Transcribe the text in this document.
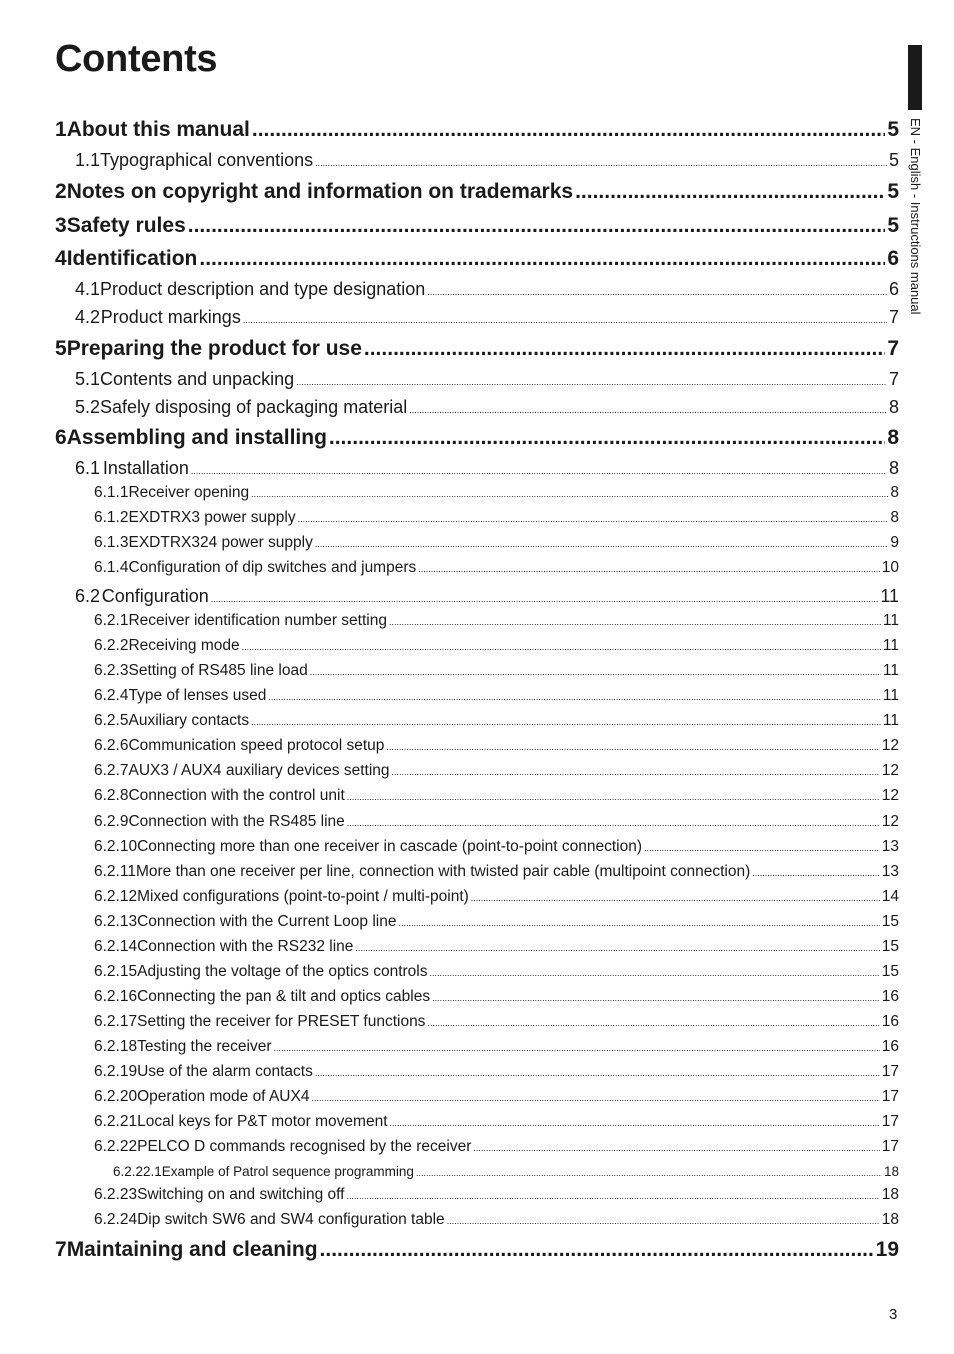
Contents
EN - English - Instructions manual
1 About this manual .....	5
1.1 Typographical conventions .....	5
2 Notes on copyright and information on trademarks .....	5
3 Safety rules .....	5
4 Identification .....	6
4.1 Product description and type designation .....	6
4.2 Product markings .....	7
5 Preparing the product for use .....	7
5.1 Contents and unpacking .....	7
5.2 Safely disposing of packaging material .....	8
6 Assembling and installing .....	8
6.1 Installation .....	8
6.1.1 Receiver opening .....	8
6.1.2 EXDTRX3 power supply .....	8
6.1.3 EXDTRX324 power supply .....	9
6.1.4 Configuration of dip switches and jumpers .....	10
6.2 Configuration .....	11
6.2.1 Receiver identification number setting .....	11
6.2.2 Receiving mode .....	11
6.2.3 Setting of RS485 line load .....	11
6.2.4 Type of lenses used .....	11
6.2.5 Auxiliary contacts .....	11
6.2.6 Communication speed protocol setup .....	12
6.2.7 AUX3 / AUX4 auxiliary devices setting .....	12
6.2.8 Connection with the control unit .....	12
6.2.9 Connection with the RS485 line .....	12
6.2.10 Connecting more than one receiver in cascade (point-to-point connection) .....	13
6.2.11 More than one receiver per line, connection with twisted pair cable (multipoint connection) .....	13
6.2.12 Mixed configurations (point-to-point / multi-point) .....	14
6.2.13 Connection with the Current Loop line .....	15
6.2.14 Connection with the RS232 line .....	15
6.2.15 Adjusting the voltage of the optics controls .....	15
6.2.16 Connecting the pan & tilt and optics cables .....	16
6.2.17 Setting the receiver for PRESET functions .....	16
6.2.18 Testing the receiver .....	16
6.2.19 Use of the alarm contacts .....	17
6.2.20 Operation mode of AUX4 .....	17
6.2.21 Local keys for P&T motor movement .....	17
6.2.22 PELCO D commands recognised by the receiver .....	17
6.2.22.1 Example of Patrol sequence programming .....	18
6.2.23 Switching on and switching off .....	18
6.2.24 Dip switch SW6 and SW4 configuration table .....	18
7 Maintaining and cleaning .....	19
3
